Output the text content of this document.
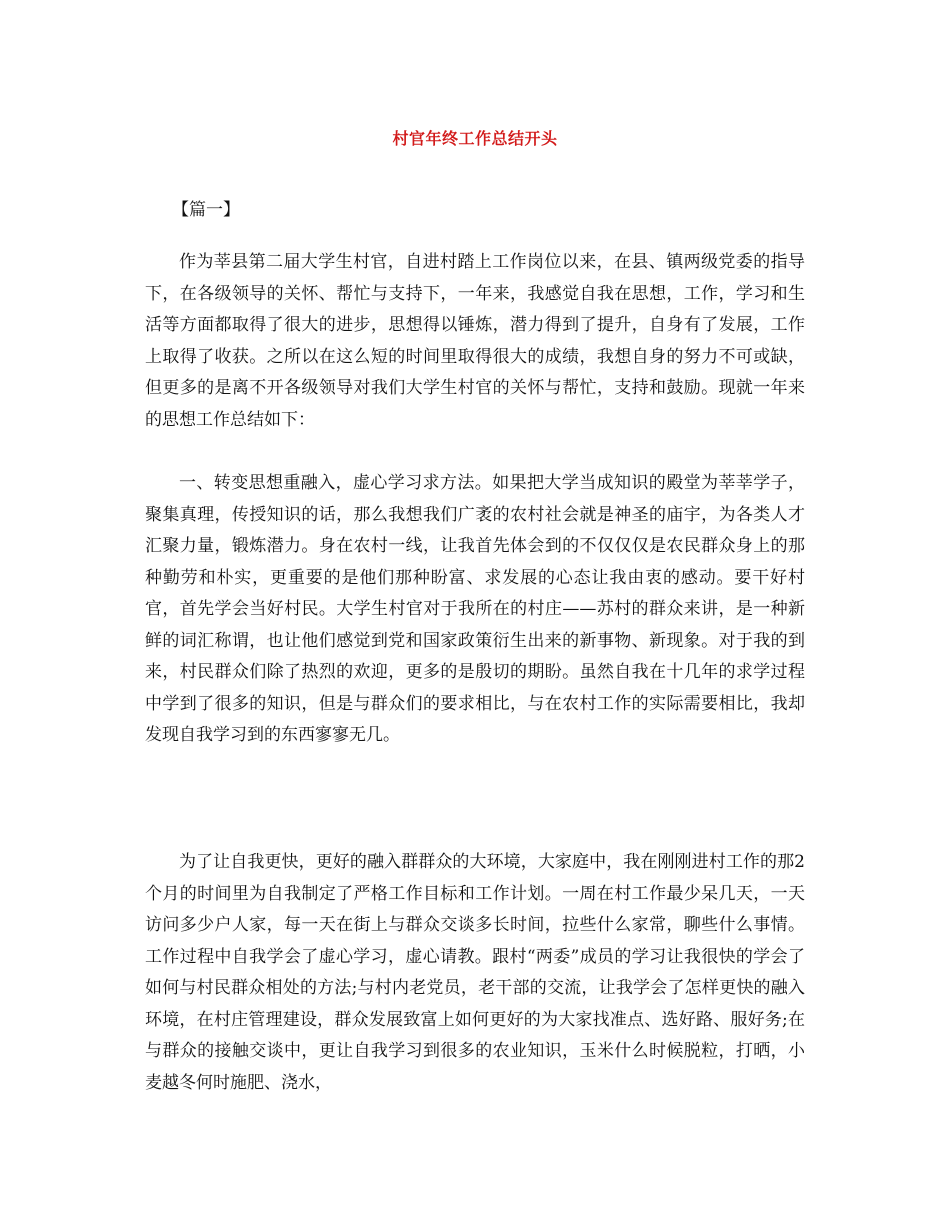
村官年终工作总结开头
【篇一】

作为莘县第二届大学生村官，自进村踏上工作岗位以来，在县、镇两级党委的指导下，在各级领导的关怀、帮忙与支持下，一年来，我感觉自我在思想，工作，学习和生活等方面都取得了很大的进步，思想得以锤炼，潜力得到了提升，自身有了发展，工作上取得了收获。之所以在这么短的时间里取得很大的成绩，我想自身的努力不可或缺，但更多的是离不开各级领导对我们大学生村官的关怀与帮忙，支持和鼓励。现就一年来的思想工作总结如下：

一、转变思想重融入，虚心学习求方法。如果把大学当成知识的殿堂为莘莘学子，聚集真理，传授知识的话，那么我想我们广袤的农村社会就是神圣的庙宇，为各类人才汇聚力量，锻炼潜力。身在农村一线，让我首先体会到的不仅仅仅是农民群众身上的那种勤劳和朴实，更重要的是他们那种盼富、求发展的心态让我由衷的感动。要干好村官，首先学会当好村民。大学生村官对于我所在的村庄——苏村的群众来讲，是一种新鲜的词汇称谓，也让他们感觉到党和国家政策衍生出来的新事物、新现象。对于我的到来，村民群众们除了热烈的欢迎，更多的是殷切的期盼。虽然自我在十几年的求学过程中学到了很多的知识，但是与群众们的要求相比，与在农村工作的实际需要相比，我却发现自我学习到的东西寥寥无几。

为了让自我更快，更好的融入群群众的大环境，大家庭中，我在刚刚进村工作的那2个月的时间里为自我制定了严格工作目标和工作计划。一周在村工作最少呆几天，一天访问多少户人家，每一天在街上与群众交谈多长时间，拉些什么家常，聊些什么事情。工作过程中自我学会了虚心学习，虚心请教。跟村“两委”成员的学习让我很快的学会了如何与村民群众相处的方法;与村内老党员，老干部的交流，让我学会了怎样更快的融入环境，在村庄管理建设，群众发展致富上如何更好的为大家找准点、选好路、服好务;在与群众的接触交谈中，更让自我学习到很多的农业知识，玉米什么时候脱粒，打晒，小麦越冬何时施肥、浇水，
